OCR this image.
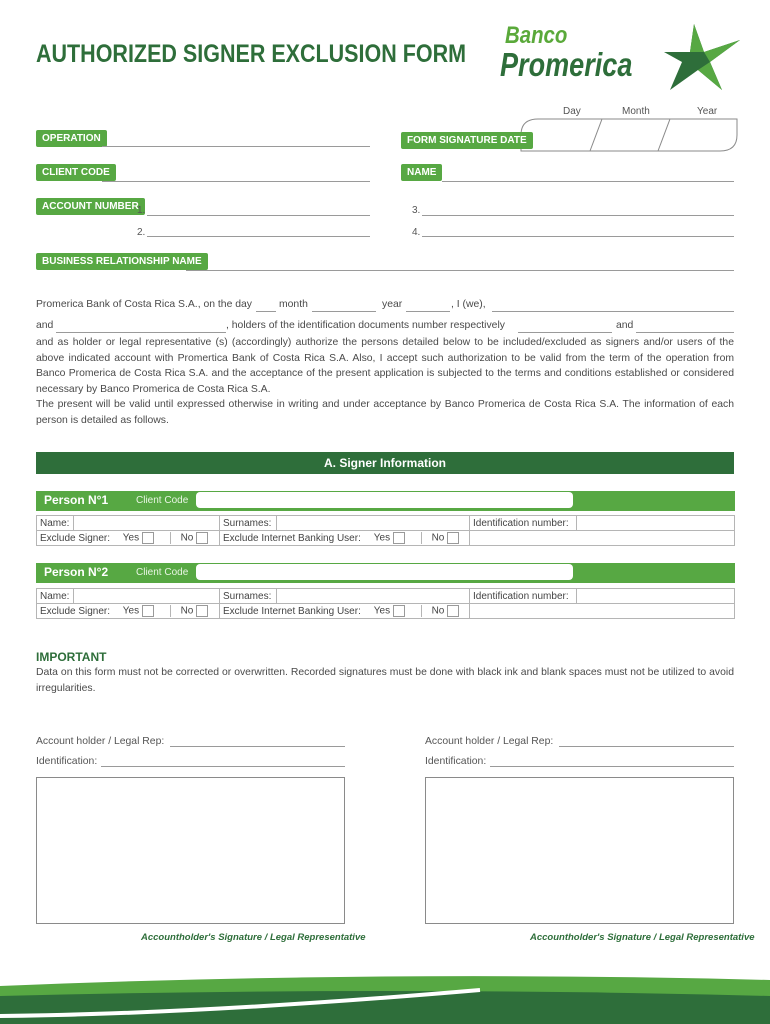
AUTHORIZED SIGNER EXCLUSION FORM
Banco
Promerica
Day	Month	Year
OPERATION	FORM SIGNATURE DATE
CLIENT CODE	NAME
ACCOUNT NUMBER
1.	3.
2.	4.
BUSINESS RELATIONSHIP NAME
Promerica Bank of Costa Rica S.A., on the day	month	year	, I (we),
and	, holders of the identification documents number respectively	and
and as holder or legal representative (s) (accordingly) authorize the persons detailed below to be included/excluded as signers and/or users of the above indicated account with Promertica Bank of Costa Rica S.A. Also, I accept such authorization to be valid from the term of the operation from Banco Promerica de Costa Rica S.A. and the acceptance of the present application is subjected to the terms and conditions established or considered necessary by Banco Promerica de Costa Rica S.A.
The present will be valid until expressed otherwise in writing and under acceptance by Banco Promerica de Costa Rica S.A. The information of each person is detailed as follows.
A. Signer Information
Person N°1	Client Code
Name:		Surnames:		Identification number:	
Exclude Signer: Yes No		Exclude Internet Banking User: Yes No			
Person N°2	Client Code
Name:		Surnames:		Identification number:	
Exclude Signer: Yes No		Exclude Internet Banking User: Yes No			
IMPORTANT
Data on this form must not be corrected or overwritten. Recorded signatures must be done with black ink and blank spaces must not be utilized to avoid irregularities.
Account holder / Legal Rep:
Identification:
Account holder / Legal Rep:
Identification:
Accountholder's Signature / Legal Representative	Accountholder's Signature / Legal Representative
